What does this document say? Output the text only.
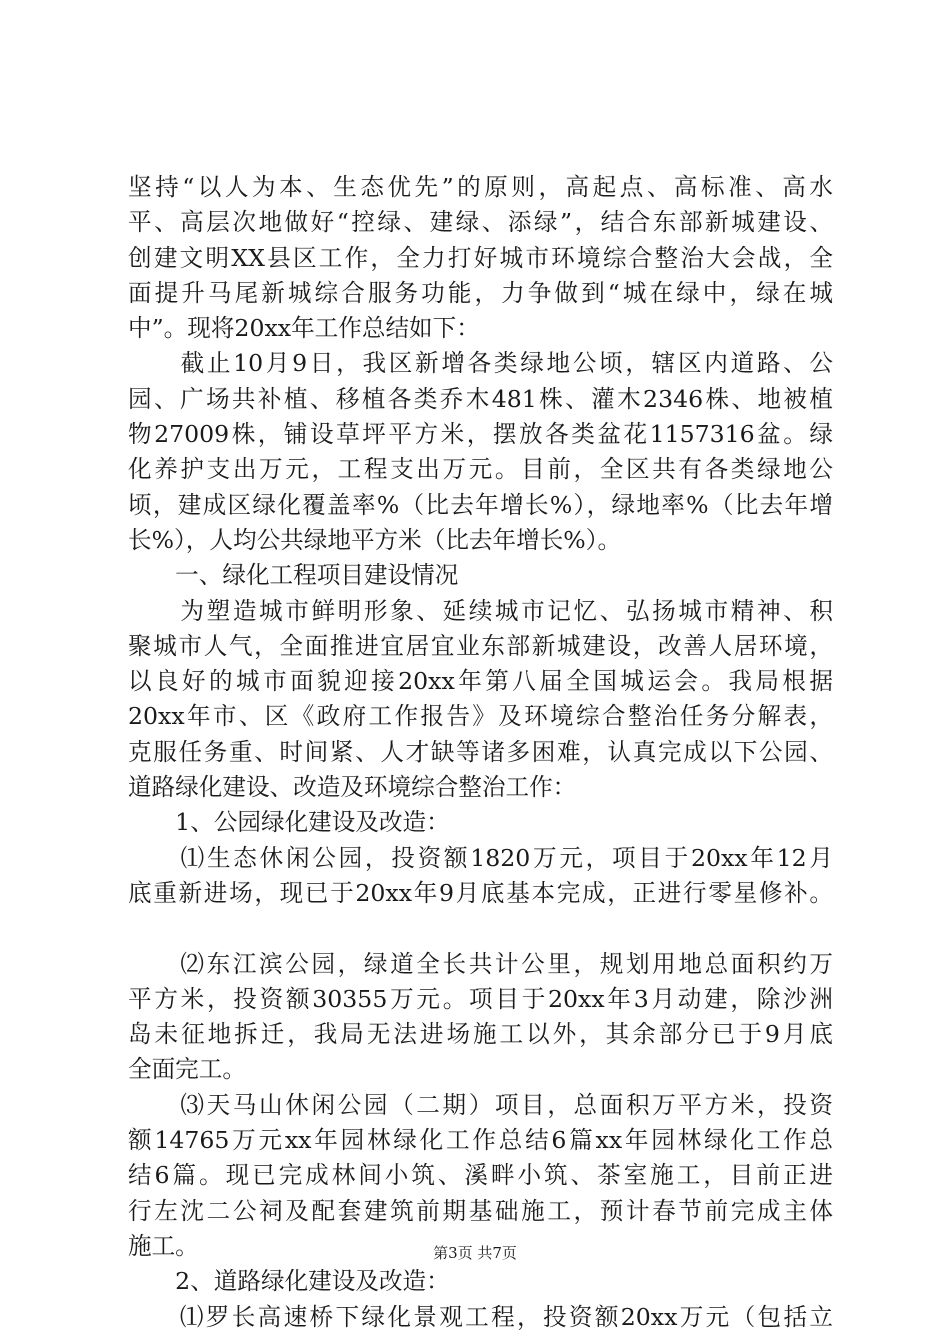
坚持“以人为本、生态优先”的原则，高起点、高标准、高水
平、高层次地做好“控绿、建绿、添绿”，结合东部新城建设、
创建文明XX县区工作，全力打好城市环境综合整治大会战，全
面提升马尾新城综合服务功能，力争做到“城在绿中，绿在城
中”。现将20xx年工作总结如下：
　　截止10月9日，我区新增各类绿地公顷，辖区内道路、公
园、广场共补植、移植各类乔木481株、灌木2346株、地被植
物27009株，铺设草坪平方米，摆放各类盆花1157316盆。绿
化养护支出万元，工程支出万元。目前，全区共有各类绿地公
顷，建成区绿化覆盖率%（比去年增长%），绿地率%（比去年增
长%），人均公共绿地平方米（比去年增长%）。
　　一、绿化工程项目建设情况
　　为塑造城市鲜明形象、延续城市记忆、弘扬城市精神、积
聚城市人气，全面推进宜居宜业东部新城建设，改善人居环境，
以良好的城市面貌迎接20xx年第八届全国城运会。我局根据
20xx年市、区《政府工作报告》及环境综合整治任务分解表，
克服任务重、时间紧、人才缺等诸多困难，认真完成以下公园、
道路绿化建设、改造及环境综合整治工作：
　　1、公园绿化建设及改造：
　　⑴生态休闲公园，投资额1820万元，项目于20xx年12月
底重新进场，现已于20xx年9月底基本完成，正进行零星修补。
　　⑵东江滨公园，绿道全长共计公里，规划用地总面积约万
平方米，投资额30355万元。项目于20xx年3月动建，除沙洲
岛未征地拆迁，我局无法进场施工以外，其余部分已于9月底
全面完工。
　　⑶天马山休闲公园（二期）项目，总面积万平方米，投资
额14765万元xx年园林绿化工作总结6篇xx年园林绿化工作总
结6篇。现已完成林间小筑、溪畔小筑、茶室施工，目前正进
行左沈二公祠及配套建筑前期基础施工，预计春节前完成主体
施工。
　　2、道路绿化建设及改造：
　　⑴罗长高速桥下绿化景观工程，投资额20xx万元（包括立
第3页 共7页
